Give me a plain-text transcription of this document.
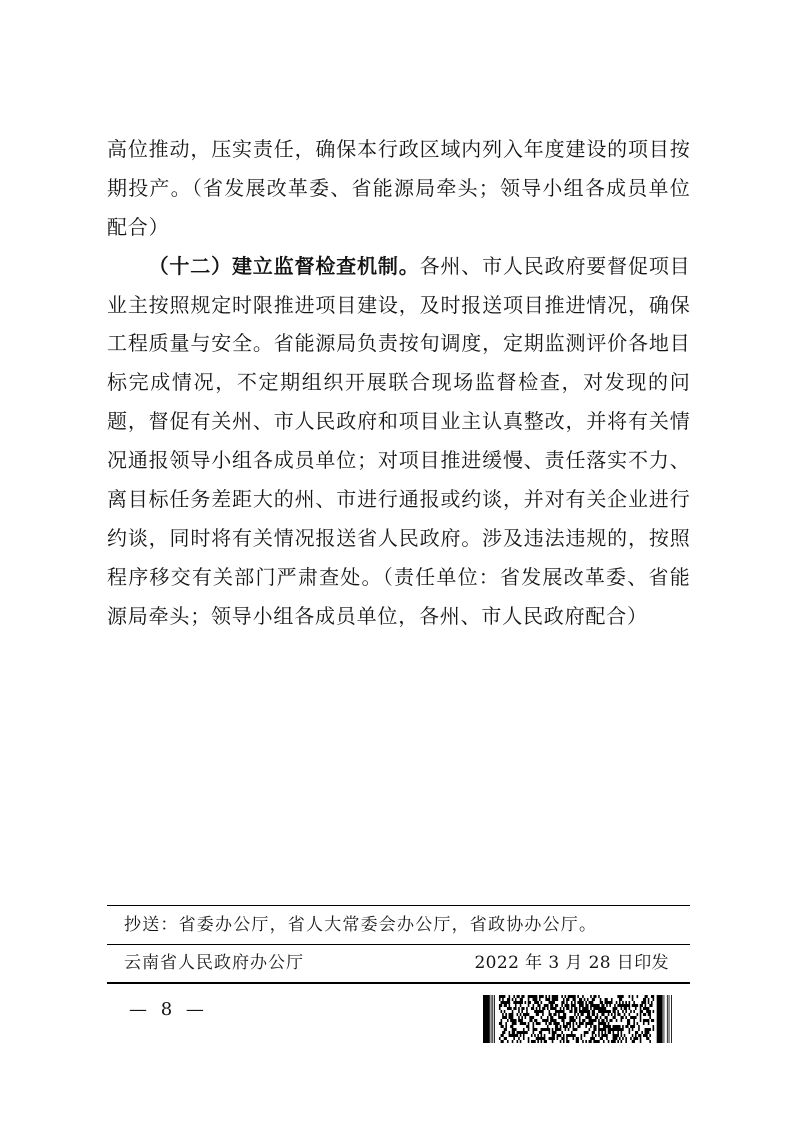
高位推动，压实责任，确保本行政区域内列入年度建设的项目按
期投产。（省发展改革委、省能源局牵头；领导小组各成员单位
配合）
（十二）建立监督检查机制。各州、市人民政府要督促项目
业主按照规定时限推进项目建设，及时报送项目推进情况，确保
工程质量与安全。省能源局负责按旬调度，定期监测评价各地目
标完成情况，不定期组织开展联合现场监督检查，对发现的问
题，督促有关州、市人民政府和项目业主认真整改，并将有关情
况通报领导小组各成员单位；对项目推进缓慢、责任落实不力、
离目标任务差距大的州、市进行通报或约谈，并对有关企业进行
约谈，同时将有关情况报送省人民政府。涉及违法违规的，按照
程序移交有关部门严肃查处。（责任单位：省发展改革委、省能
源局牵头；领导小组各成员单位，各州、市人民政府配合）
抄送：省委办公厅，省人大常委会办公厅，省政协办公厅。
云南省人民政府办公厅	2022 年 3 月 28 日印发
— 8 —
